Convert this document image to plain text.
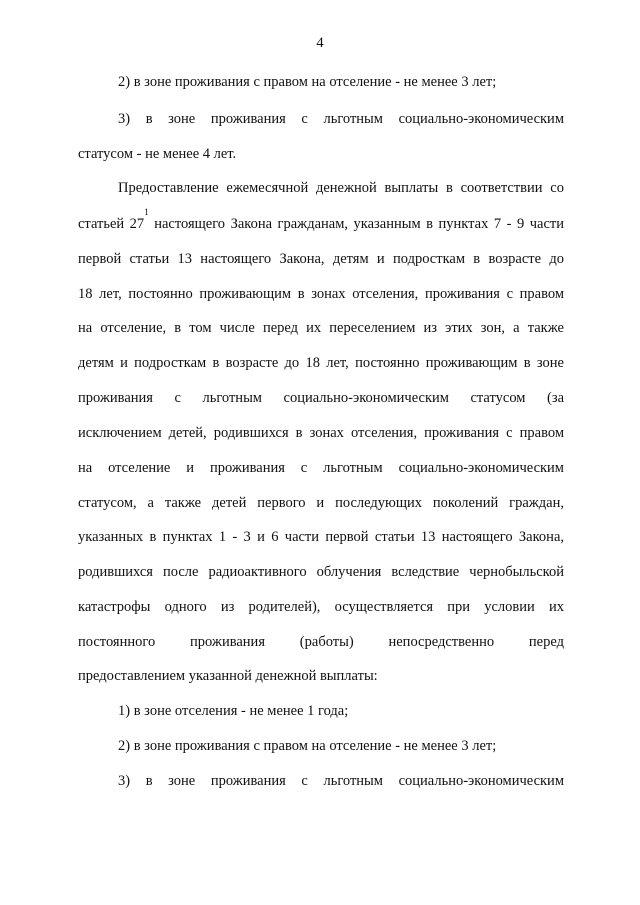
4
2) в зоне проживания с правом на отселение - не менее 3 лет;
3) в зоне проживания с льготным социально-экономическим
статусом - не менее 4 лет.
Предоставление ежемесячной денежной выплаты в соответствии со
статьей $27^1$ настоящего Закона гражданам, указанным в пунктах 7 - 9 части
первой статьи 13 настоящего Закона, детям и подросткам в возрасте до
18 лет, постоянно проживающим в зонах отселения, проживания с правом
на отселение, в том числе перед их переселением из этих зон, а также
детям и подросткам в возрасте до 18 лет, постоянно проживающим в зоне
проживания с льготным социально-экономическим статусом (за
исключением детей, родившихся в зонах отселения, проживания с правом
на отселение и проживания с льготным социально-экономическим
статусом, а также детей первого и последующих поколений граждан,
указанных в пунктах 1 - 3 и 6 части первой статьи 13 настоящего Закона,
родившихся после радиоактивного облучения вследствие чернобыльской
катастрофы одного из родителей), осуществляется при условии их
постоянного проживания (работы) непосредственно перед
предоставлением указанной денежной выплаты:
1) в зоне отселения - не менее 1 года;
2) в зоне проживания с правом на отселение - не менее 3 лет;
3) в зоне проживания с льготным социально-экономическим
